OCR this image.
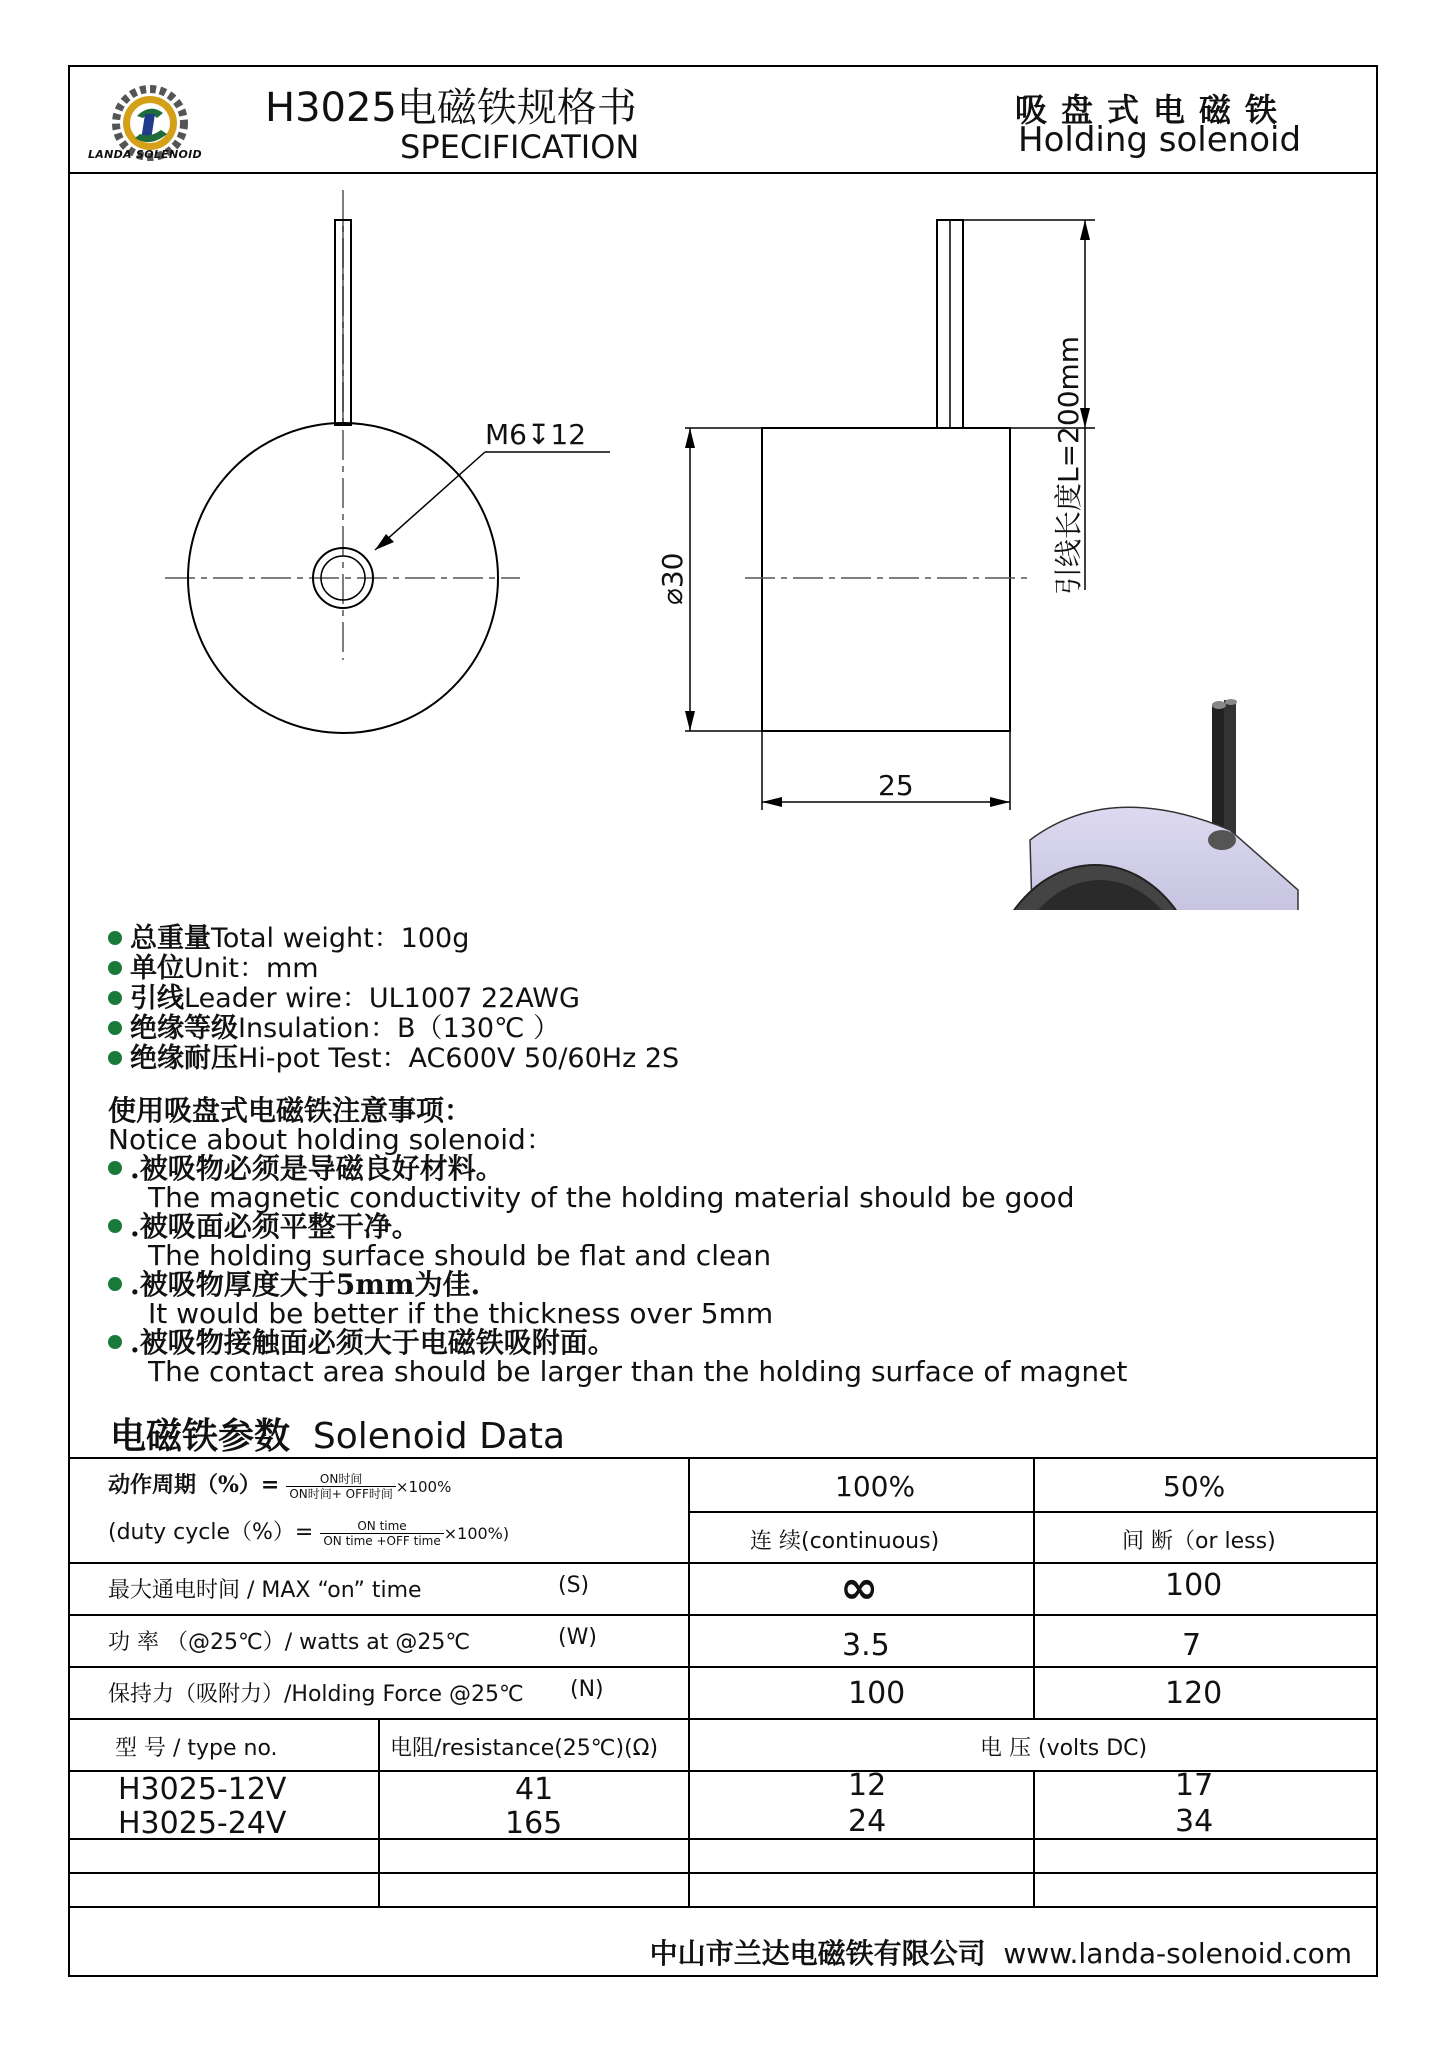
LANDA SOLENOID
H3025电磁铁规格书
SPECIFICATION
吸盘式电磁铁
Holding solenoid
M6↧12
⌀30
25
引线长度L=200mm
总重量Total weight：100g
单位Unit：mm
引线Leader wire：UL1007 22AWG
绝缘等级Insulation：B（130℃ ）
绝缘耐压Hi-pot Test：AC600V 50/60Hz 2S
使用吸盘式电磁铁注意事项：
Notice about holding solenoid：
.被吸物必须是导磁良好材料。
The magnetic conductivity of the holding material should be good
.被吸面必须平整干净。
The holding surface should be flat and clean
.被吸物厚度大于5mm为佳.
It would be better if the thickness over 5mm
.被吸物接触面必须大于电磁铁吸附面。
The contact area should be larger than the holding surface of magnet
电磁铁参数 Solenoid Data
动作周期（%）= $\frac{\text{ON时间}}{\text{ON时间+ OFF时间}} \times 100\%$
(duty cycle（%）= $\frac{\text{ON time}}{\text{ON time +OFF time}} \times 100\%$)
100%	50%
连 续(continuous)	间 断（or less)
最大通电时间 / MAX “on” time	(S)	∞	100
功 率 （@25℃）/ watts at @25℃	(W)	3.5	7
保持力（吸附力）/Holding Force @25℃ (N)	100	120
型 号 / type no.	电阻/resistance(25℃)(Ω)	电 压 (volts DC)
H3025-12V	41	12	17
H3025-24V	165	24	34
中山市兰达电磁铁有限公司 www.landa-solenoid.com
